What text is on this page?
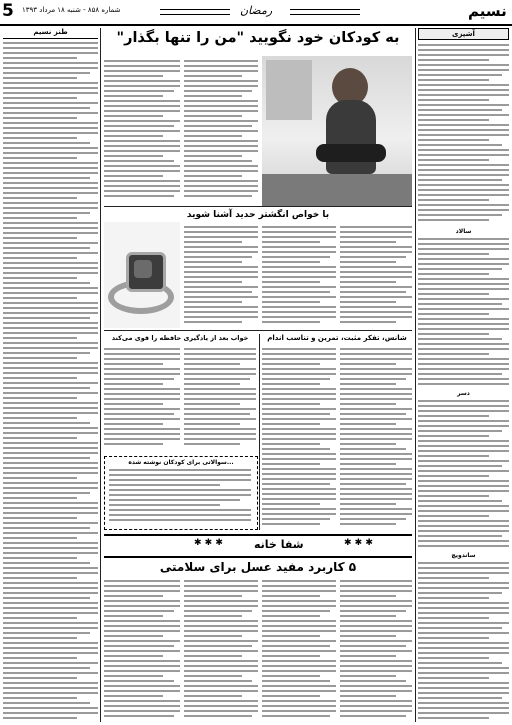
5 شماره ۸۵۸ - شنبه ۱۸ مرداد ۱۳۹۳	رمضان	نسیم
طنز نسیم	آشپزی
سالاد
دسر
ساندویچ
به کودکان خود نگویید "من را تنها بگذار"
با خواص انگشتر حدید آشنا شوید
شانس، تفکر مثبت، تمرین و تناسب اندام
خواب بعد از یادگیری حافظه را قوی می‌کند
...سوالاتی برای کودکان نوشته شده
✱ ✱ ✱	شفا خانه	✱ ✱ ✱
۵ کاربرد مفید عسل برای سلامتی
